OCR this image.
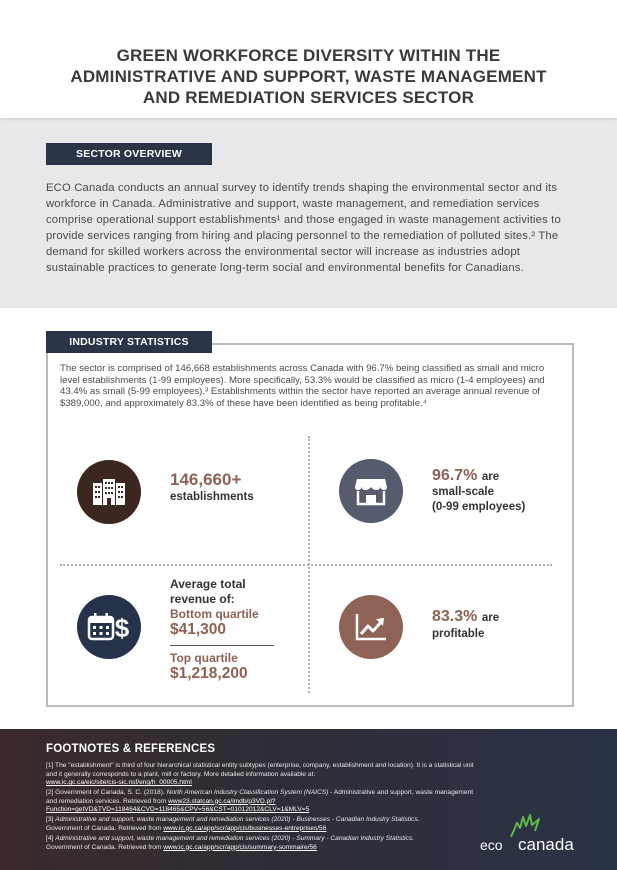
GREEN WORKFORCE DIVERSITY WITHIN THE
ADMINISTRATIVE AND SUPPORT, WASTE MANAGEMENT
AND REMEDIATION SERVICES SECTOR
SECTOR OVERVIEW
ECO Canada conducts an annual survey to identify trends shaping the environmental sector and its workforce in Canada. Administrative and support, waste management, and remediation services comprise operational support establishments¹ and those engaged in waste management activities to provide services ranging from hiring and placing personnel to the remediation of polluted sites.² The demand for skilled workers across the environmental sector will increase as industries adopt sustainable practices to generate long-term social and environmental benefits for Canadians.
INDUSTRY STATISTICS
The sector is comprised of 146,668 establishments across Canada with 96.7% being classified as small and micro level establishments (1-99 employees). More specifically, 53.3% would be classified as micro (1-4 employees) and 43.4% as small (5-99 employees).³ Establishments within the sector have reported an average annual revenue of $389,000, and approximately 83.3% of these have been identified as being profitable.⁴
146,660+
establishments
96.7% are
small-scale
(0-99 employees)
$
Average total
revenue of:
Bottom quartile
$41,300
Top quartile
$1,218,200
83.3% are
profitable
FOOTNOTES & REFERENCES
[1] The "establishment" is third of four hierarchical statistical entity subtypes (enterprise, company, establishment and location). It is a statistical unit and it generally corresponds to a plant, mill or factory. More detailed information available at:
www.ic.gc.ca/eic/site/cis-sic.nsf/eng/h_00005.html
[2] Government of Canada, S. C. (2018). North American Industry Classification System (NAICS) - Administrative and support, waste management and remediation services. Retrieved from www23.statcan.gc.ca/imdb/p3VD.pl?Function=getVD&TVD=118464&CVD=118465&CPV=56&CST=01012012&CLV=1&MLV=5
[3] Administrative and support, waste management and remediation services (2020) - Businesses - Canadian Industry Statistics.
Government of Canada. Retrieved from www.ic.gc.ca/app/scr/app/cis/businesses-entreprises/56
[4] Administrative and support, waste management and remediation services (2020) - Summary - Canadian Industry Statistics.
Government of Canada. Retrieved from www.ic.gc.ca/app/scr/app/cis/summary-sommaire/56	eco canada
